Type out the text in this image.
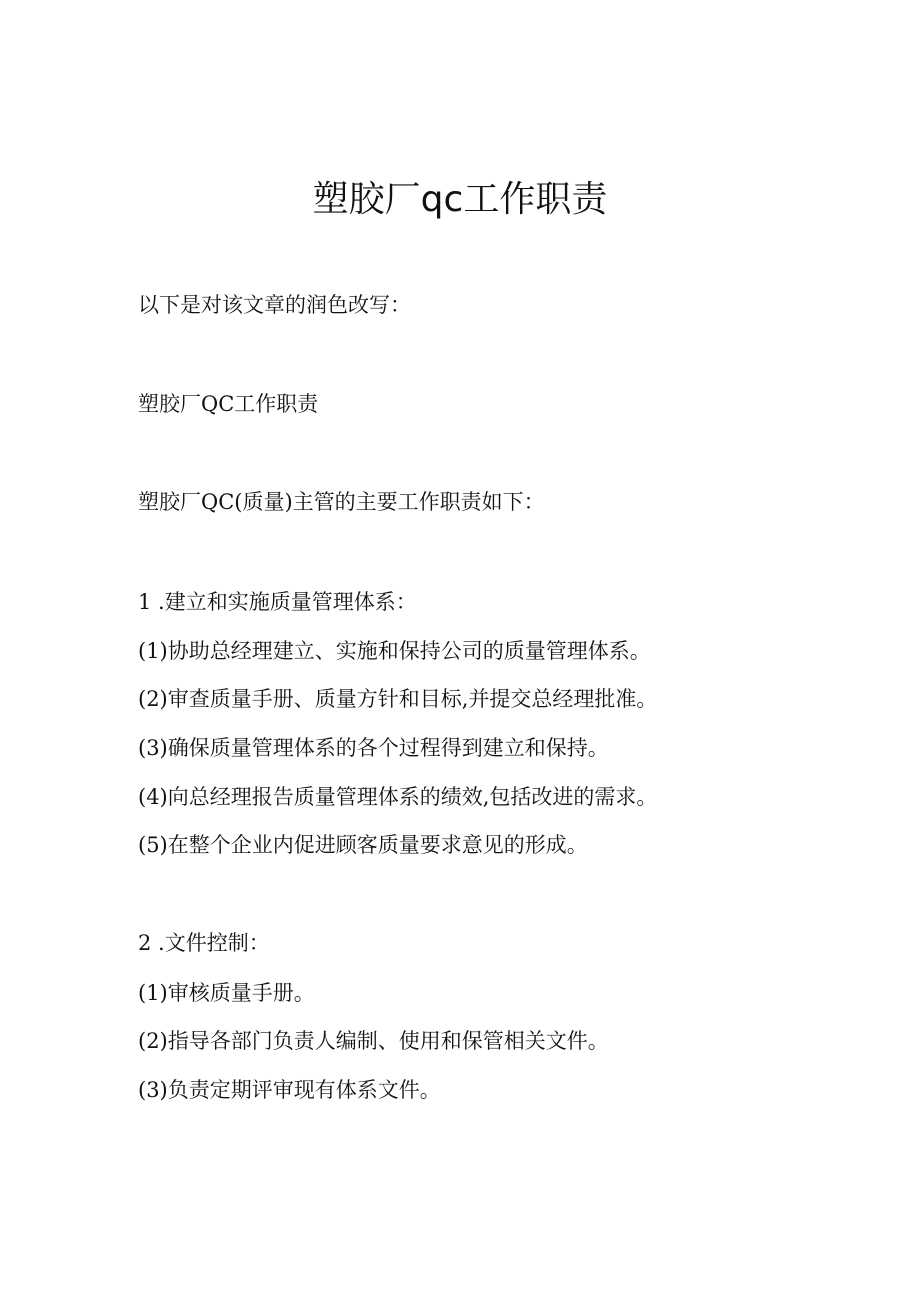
塑胶厂qc工作职责

以下是对该文章的润色改写：

塑胶厂QC工作职责

塑胶厂QC(质量)主管的主要工作职责如下：

1 .建立和实施质量管理体系：

(1)协助总经理建立、实施和保持公司的质量管理体系。

(2)审查质量手册、质量方针和目标,并提交总经理批准。

(3)确保质量管理体系的各个过程得到建立和保持。

(4)向总经理报告质量管理体系的绩效,包括改进的需求。

(5)在整个企业内促进顾客质量要求意见的形成。

2 .文件控制：

(1)审核质量手册。

(2)指导各部门负责人编制、使用和保管相关文件。

(3)负责定期评审现有体系文件。
